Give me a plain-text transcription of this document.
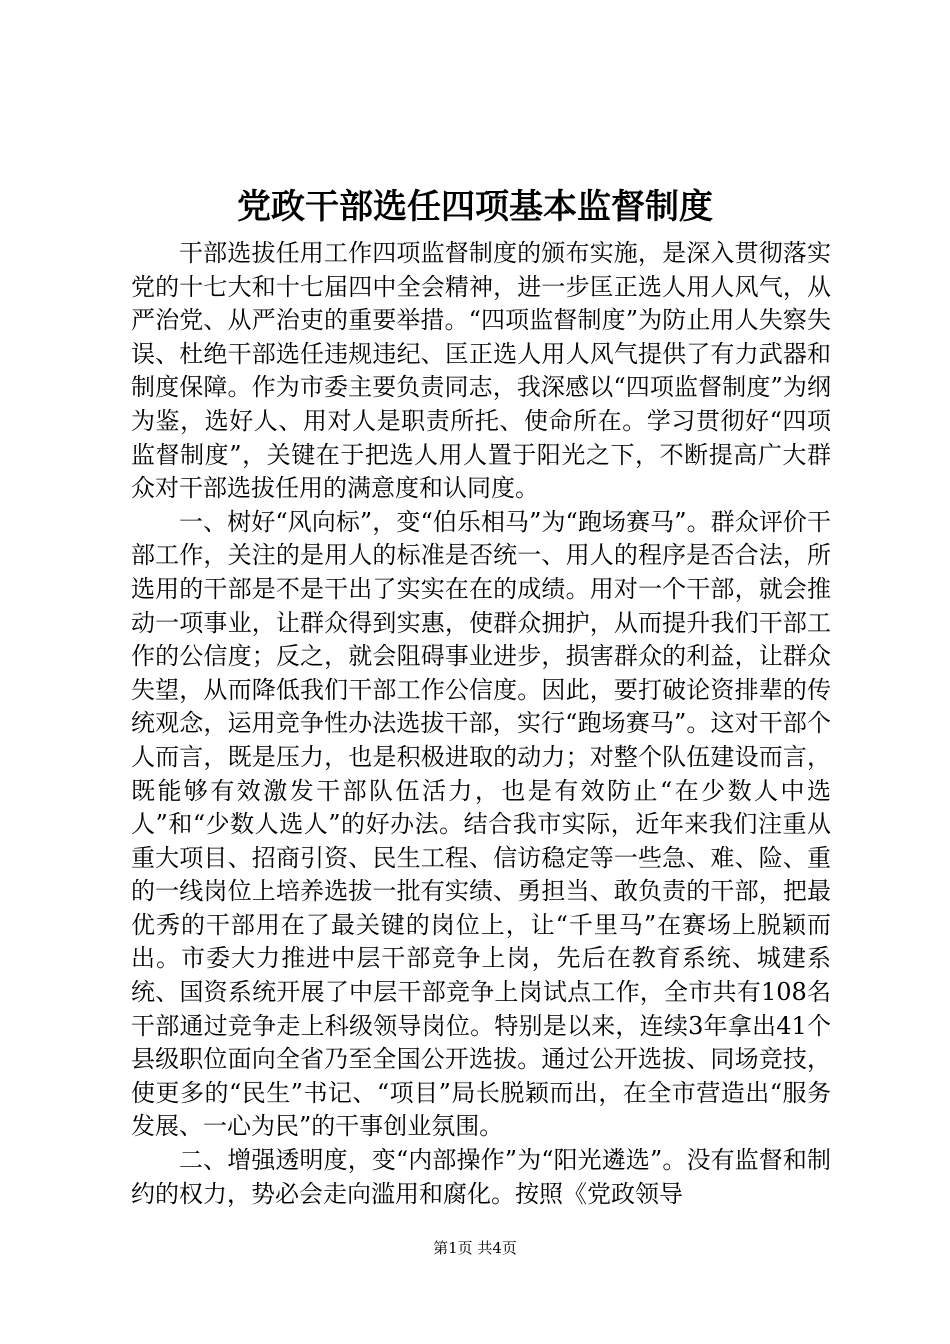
党政干部选任四项基本监督制度

干部选拔任用工作四项监督制度的颁布实施，是深入贯彻落实党的十七大和十七届四中全会精神，进一步匡正选人用人风气，从严治党、从严治吏的重要举措。“四项监督制度”为防止用人失察失误、杜绝干部选任违规违纪、匡正选人用人风气提供了有力武器和制度保障。作为市委主要负责同志，我深感以“四项监督制度”为纲为鉴，选好人、用对人是职责所托、使命所在。学习贯彻好“四项监督制度”，关键在于把选人用人置于阳光之下，不断提高广大群众对干部选拔任用的满意度和认同度。

一、树好“风向标”，变“伯乐相马”为“跑场赛马”。群众评价干部工作，关注的是用人的标准是否统一、用人的程序是否合法，所选用的干部是不是干出了实实在在的成绩。用对一个干部，就会推动一项事业，让群众得到实惠，使群众拥护，从而提升我们干部工作的公信度；反之，就会阻碍事业进步，损害群众的利益，让群众失望，从而降低我们干部工作公信度。因此，要打破论资排辈的传统观念，运用竞争性办法选拔干部，实行“跑场赛马”。这对干部个人而言，既是压力，也是积极进取的动力；对整个队伍建设而言，既能够有效激发干部队伍活力，也是有效防止“在少数人中选人”和“少数人选人”的好办法。结合我市实际，近年来我们注重从重大项目、招商引资、民生工程、信访稳定等一些急、难、险、重的一线岗位上培养选拔一批有实绩、勇担当、敢负责的干部，把最优秀的干部用在了最关键的岗位上，让“千里马”在赛场上脱颖而出。市委大力推进中层干部竞争上岗，先后在教育系统、城建系统、国资系统开展了中层干部竞争上岗试点工作，全市共有108名干部通过竞争走上科级领导岗位。特别是以来，连续3年拿出41个县级职位面向全省乃至全国公开选拔。通过公开选拔、同场竞技，使更多的“民生”书记、“项目”局长脱颖而出，在全市营造出“服务发展、一心为民”的干事创业氛围。

二、增强透明度，变“内部操作”为“阳光遴选”。没有监督和制约的权力，势必会走向滥用和腐化。按照《党政领导

第1页 共4页
